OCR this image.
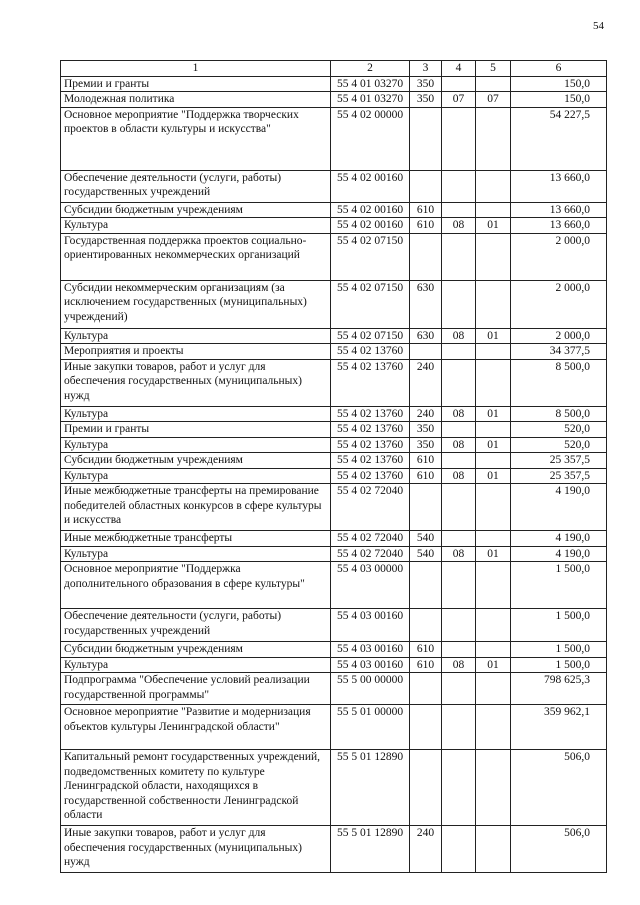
54
1	2	3	4	5	6
Премии и гранты	55 4 01 03270	350			150,0
Молодежная политика	55 4 01 03270	350	07	07	150,0
Основное мероприятие "Поддержка творческих проектов в области культуры и искусства"	55 4 02 00000				54 227,5
Обеспечение деятельности (услуги, работы) государственных учреждений	55 4 02 00160				13 660,0
Субсидии бюджетным учреждениям	55 4 02 00160	610			13 660,0
Культура	55 4 02 00160	610	08	01	13 660,0
Государственная поддержка проектов социально-ориентированных некоммерческих организаций	55 4 02 07150				2 000,0
Субсидии некоммерческим организациям (за исключением государственных (муниципальных) учреждений)	55 4 02 07150	630			2 000,0
Культура	55 4 02 07150	630	08	01	2 000,0
Мероприятия и проекты	55 4 02 13760				34 377,5
Иные закупки товаров, работ и услуг для обеспечения государственных (муниципальных) нужд	55 4 02 13760	240			8 500,0
Культура	55 4 02 13760	240	08	01	8 500,0
Премии и гранты	55 4 02 13760	350			520,0
Культура	55 4 02 13760	350	08	01	520,0
Субсидии бюджетным учреждениям	55 4 02 13760	610			25 357,5
Культура	55 4 02 13760	610	08	01	25 357,5
Иные межбюджетные трансферты на премирование победителей областных конкурсов в сфере культуры и искусства	55 4 02 72040				4 190,0
Иные межбюджетные трансферты	55 4 02 72040	540			4 190,0
Культура	55 4 02 72040	540	08	01	4 190,0
Основное мероприятие "Поддержка дополнительного образования в сфере культуры"	55 4 03 00000				1 500,0
Обеспечение деятельности (услуги, работы) государственных учреждений	55 4 03 00160				1 500,0
Субсидии бюджетным учреждениям	55 4 03 00160	610			1 500,0
Культура	55 4 03 00160	610	08	01	1 500,0
Подпрограмма "Обеспечение условий реализации государственной программы"	55 5 00 00000				798 625,3
Основное мероприятие "Развитие и модернизация объектов культуры Ленинградской области"	55 5 01 00000				359 962,1
Капитальный ремонт государственных учреждений, подведомственных комитету по культуре Ленинградской области, находящихся в государственной собственности Ленинградской области	55 5 01 12890				506,0
Иные закупки товаров, работ и услуг для обеспечения государственных (муниципальных) нужд	55 5 01 12890	240			506,0
